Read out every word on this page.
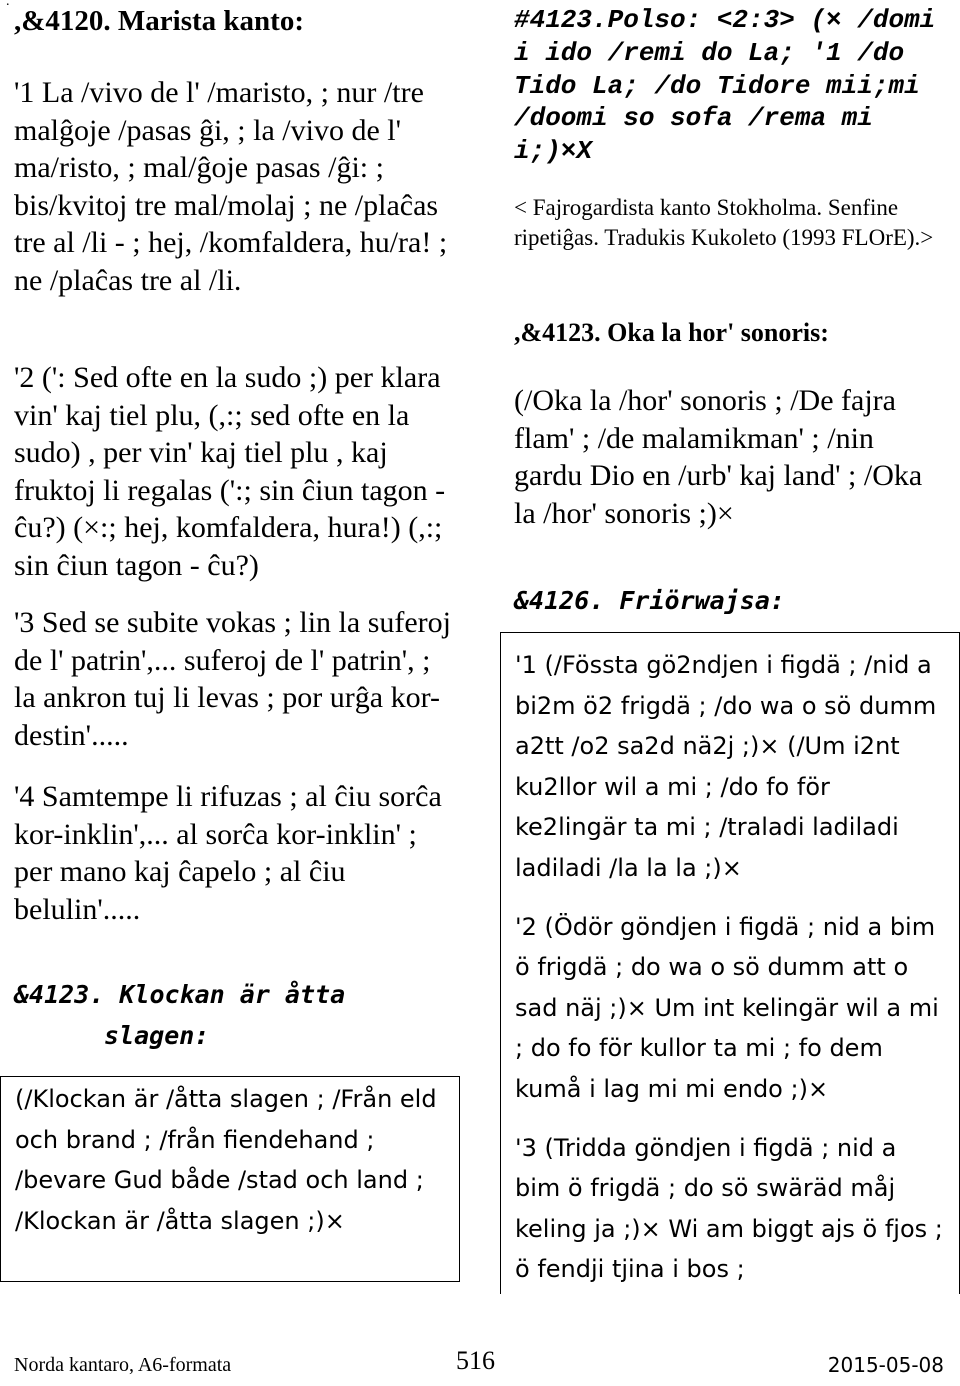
.
,&4120. Marista kanto:

'1 La /vivo de l' /maristo, ; nur /tre malĝoje /pasas ĝi, ; la /vivo de l' ma/risto, ; mal/ĝoje pasas /ĝi: ; bis/kvitoj tre mal/molaj ; ne /plaĉas tre al /li - ; hej, /komfaldera, hu/ra! ; ne /plaĉas tre al /li.

'2 (': Sed ofte en la sudo ;) per klara vin' kaj tiel plu, (,:; sed ofte en la sudo) , per vin' kaj tiel plu , kaj fruktoj li regalas (':; sin ĉiun tagon - ĉu?) (×:; hej, komfaldera, hura!) (,:; sin ĉiun tagon - ĉu?)

'3 Sed se subite vokas ; lin la suferoj de l' patrin',... suferoj de l' patrin', ; la ankron tuj li levas ; por urĝa kor-destin'.....

'4 Samtempe li rifuzas ; al ĉiu sorĉa kor-inklin',... al sorĉa kor-inklin' ; per mano kaj ĉapelo ; al ĉiu belulin'.....

&4123. Klockan är åtta

slagen:

(/Klockan är /åtta slagen ; /Från eld och brand ; /från fiendehand ; /bevare Gud både /stad och land ; /Klockan är /åtta slagen ;)×

#4123.Polso: <2:3> (× /domi i ido /remi do La; '1 /do Tido La; /do Tidore mii;mi /doomi so sofa /rema mi i;)×X

< Fajrogardista kanto Stokholma. Senfine ripetiĝas. Tradukis Kukoleto (1993 FLOrE).>

,&4123. Oka la hor' sonoris:

(/Oka la /hor' sonoris ; /De fajra flam' ; /de malamikman' ; /nin gardu Dio en /urb' kaj land' ; /Oka la /hor' sonoris ;)×

&4126. Friörwajsa:

'1 (/Fössta gö2ndjen i figdä ; /nid a bi2m ö2 frigdä ; /do wa o sö dumm a2tt /o2 sa2d nä2j ;)× (/Um i2nt ku2llor wil a mi ; /do fo för ke2lingär ta mi ; /traladi ladiladi ladiladi /la la la ;)×

'2 (Ödör göndjen i figdä ; nid a bim ö frigdä ; do wa o sö dumm att o sad näj ;)× Um int kelingär wil a mi ; do fo för kullor ta mi ; fo dem kumå i lag mi mi endo ;)×

'3 (Tridda göndjen i figdä ; nid a bim ö frigdä ; do sö swäräd måj keling ja ;)× Wi am biggt ajs ö fjos ; ö fendji tjina i bos ;

Norda kantaro, A6-formata	516	2015-05-08
